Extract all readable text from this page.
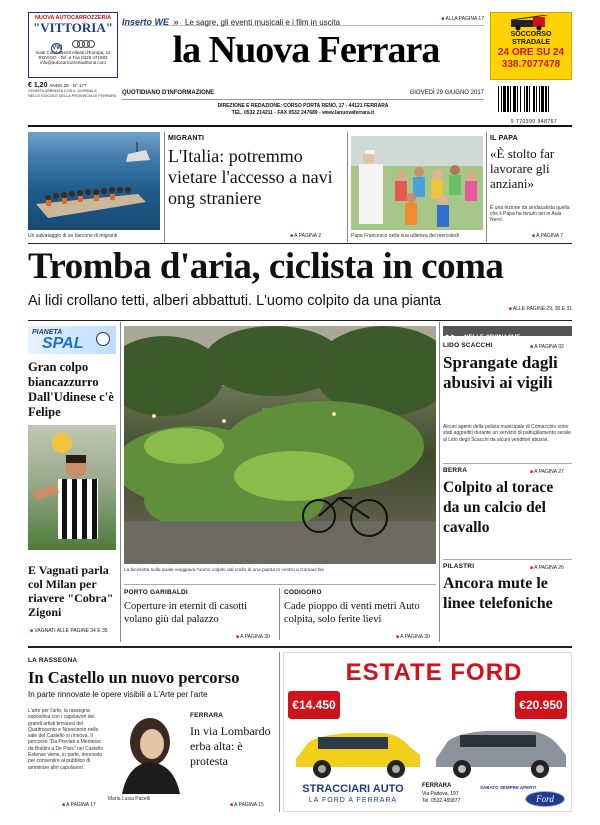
NUOVA AUTOCARROZZERIA
"VITTORIA"
VW
Viale Combattenti Alleati d'Europa, 14
ROVIGO - Tel. e Fax 0425 471683
info@autocarrozzeriavittoria.com
Inserto WE » Le sagre, gli eventi musicali e i film in uscita	■ ALLA PAGINA 17
la Nuova Ferrara
€ 1,20 ANNO 29 - N° 177
VENDITA ABBINATA CON IL GIORNALE
NELLE EDICOLE DELLA PROVINCIA DI FERRARA QUOTIDIANO D'INFORMAZIONE	GIOVEDÌ 29 GIUGNO 2017
DIREZIONE E REDAZIONE: CORSO PORTA RENO, 17 - 44121 FERRARA
TEL. 0532 214211 - FAX 0532 247689 - www.lanuovaferrara.it
SOCCORSO
STRADALE
24 ORE SU 24
338.7077478
9 770390 948767
Un salvataggio di un barcone di migranti
MIGRANTI
L'Italia: potremmo vietare l'accesso a navi ong straniere
■ A PAGINA 2	Papa Francesco nella sua udienza del mercoledì
IL PAPA
«È stolto far lavorare gli anziani»
È una lezione da sindacalista quella che il Papa ha tenuto ieri in Aula Nervi.
■ A PAGINA 7
Tromba d'aria, ciclista in coma
Ai lidi crollano tetti, alberi abbattuti. L'uomo colpito da una pianta	■ ALLE PAGINE 29, 30 E 31
PIANETA
SPAL
Gran colpo biancazzurro Dall'Udinese c'è Felipe
E Vagnati parla col Milan per riavere "Cobra" Zigoni
■ VAGNATI ALLE PAGINE 34 E 35
La bicicletta sulla quale viaggiava l'uomo colpito dal crollo di una pianta in centro a Comacchio
PORTO GARIBALDI
Coperture in eternit di casotti volano giù dal palazzo
■ A PAGINA 30
CODIGORO
Cade pioppo di venti metri Auto colpita, solo ferite lievi
■ A PAGINA 30
▶▶ NELLE CRONACHE
LIDO SCACCHI	■ A PAGINA 32
Sprangate dagli abusivi ai vigili
Alcuni agenti della polizia municipale di Comacchio sono stati aggrediti durante un servizio di pattugliamento serale al Lido degli Scacchi da alcuni venditori abusivi.
BERRA	■ A PAGINA 27
Colpito al torace da un calcio del cavallo
PILASTRI	■ A PAGINA 26
Ancora mute le linee telefoniche
LA RASSEGNA
In Castello un nuovo percorso
In parte rinnovate le opere visibili a L'Arte per l'arte
L'arte per l'arte, la rassegna espositiva con i capolavori dei grandi artisti ferraresi del Quattrocento e Novecento nelle sale del Castello si rinnova. Il percorso "Da Previati a Mentessi da Boldini a De Pisis" nel Castello Estense viene, in parte, rinnovato per consentire al pubblico di ammirare altri capolavori.
■ A PAGINA 17
Maria Luisa Pacelli
FERRARA
In via Lombardo erba alta: è protesta
■ A PAGINA 15
ESTATE FORD
€14.450	€20.950
STRACCIARI AUTO
LA FORD A FERRARA
FERRARA
Via Padova, 197
Tel. 0532.465877
SABATO SEMPRE APERTI
Ford
